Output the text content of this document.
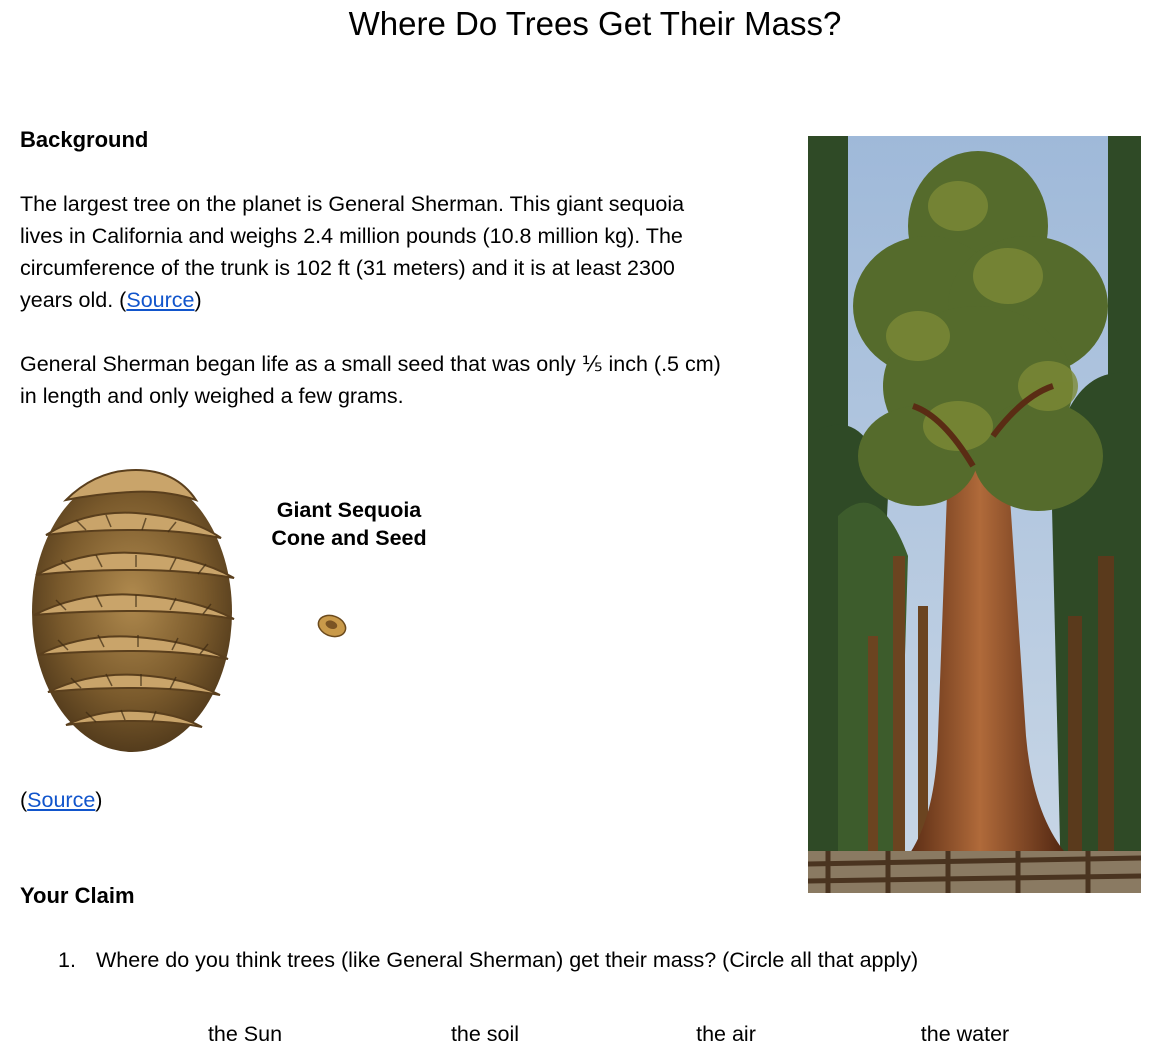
Where Do Trees Get Their Mass?
Background
The largest tree on the planet is General Sherman. This giant sequoia
lives in California and weighs 2.4 million pounds (10.8 million kg). The
circumference of the trunk is 102 ft (31 meters) and it is at least 2300
years old. (Source)
General Sherman began life as a small seed that was only ⅕ inch (.5 cm)
in length and only weighed a few grams.
Giant Sequoia
Cone and Seed
(Source)
Your Claim
1. Where do you think trees (like General Sherman) get their mass? (Circle all that apply)
the Sun	the soil	the air	the water
